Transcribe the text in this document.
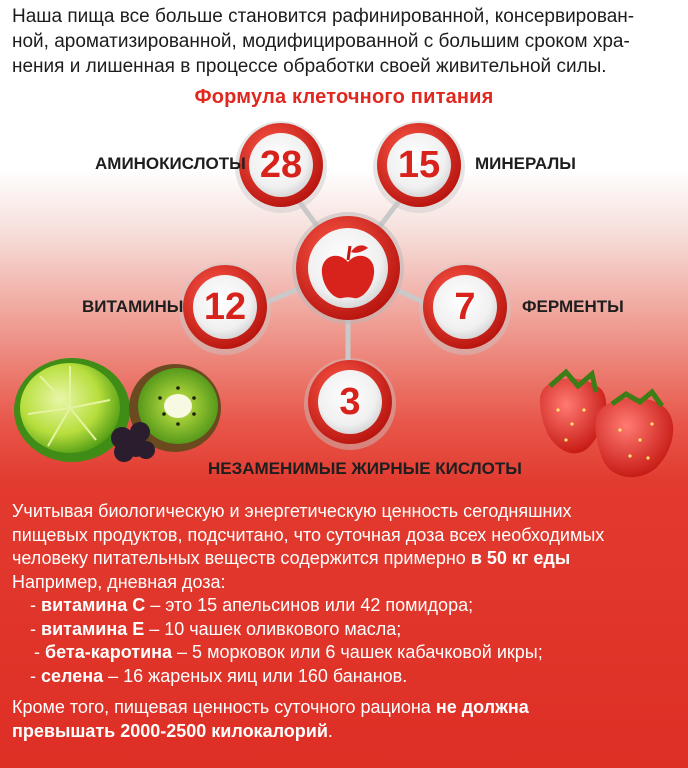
Наша пища все больше становится рафинированной, консервирован-
ной, ароматизированной, модифицированной с большим сроком хра-
нения и лишенная в процессе обработки своей живительной силы.
Формула клеточного питания
28	15
12	7
3
АМИНОКИСЛОТЫ	МИНЕРАЛЫ
ВИТАМИНЫ	ФЕРМЕНТЫ
НЕЗАМЕНИМЫЕ ЖИРНЫЕ КИСЛОТЫ
Учитывая биологическую и энергетическую ценность сегодняшних
пищевых продуктов, подсчитано, что суточная доза всех необходимых
человеку питательных веществ содержится примерно в 50 кг еды
Например, дневная доза:
- витамина С – это 15 апельсинов или 42 помидора;
- витамина Е – 10 чашек оливкового масла;
- бета-каротина – 5 морковок или 6 чашек кабачковой икры;
- селена – 16 жареных яиц или 160 бананов.
Кроме того, пищевая ценность суточного рациона не должна
превышать 2000-2500 килокалорий.
